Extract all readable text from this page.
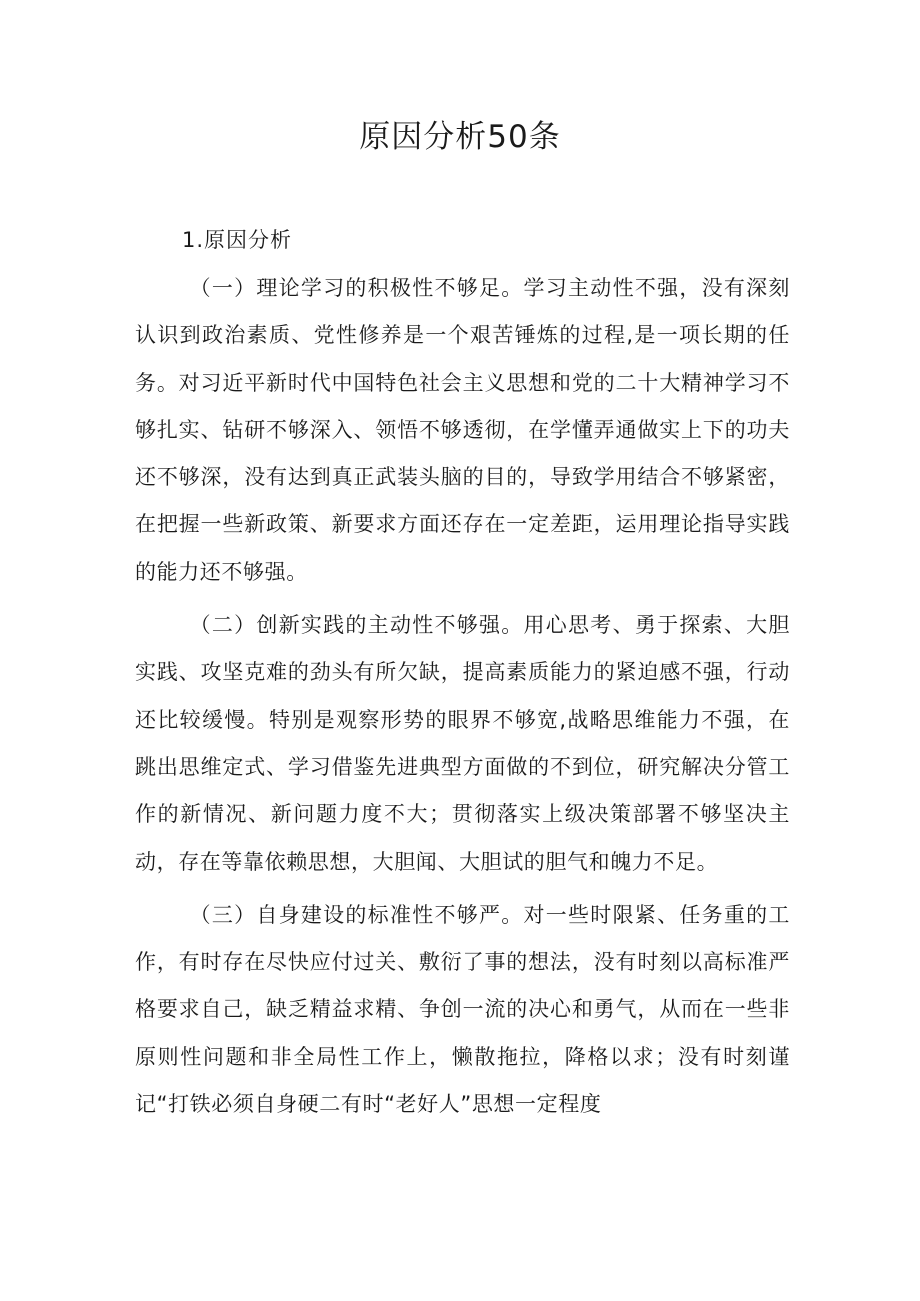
原因分析50条
1.原因分析

（一）理论学习的积极性不够足。学习主动性不强，没有深刻认识到政治素质、党性修养是一个艰苦锤炼的过程,是一项长期的任务。对习近平新时代中国特色社会主义思想和党的二十大精神学习不够扎实、钻研不够深入、领悟不够透彻，在学懂弄通做实上下的功夫还不够深，没有达到真正武装头脑的目的，导致学用结合不够紧密，在把握一些新政策、新要求方面还存在一定差距，运用理论指导实践的能力还不够强。

（二）创新实践的主动性不够强。用心思考、勇于探索、大胆实践、攻坚克难的劲头有所欠缺，提高素质能力的紧迫感不强，行动还比较缓慢。特别是观察形势的眼界不够宽,战略思维能力不强，在跳出思维定式、学习借鉴先进典型方面做的不到位，研究解决分管工作的新情况、新问题力度不大；贯彻落实上级决策部署不够坚决主动，存在等靠依赖思想，大胆闻、大胆试的胆气和魄力不足。

（三）自身建设的标准性不够严。对一些时限紧、任务重的工作，有时存在尽快应付过关、敷衍了事的想法，没有时刻以高标准严格要求自己，缺乏精益求精、争创一流的决心和勇气，从而在一些非原则性问题和非全局性工作上，懒散拖拉，降格以求；没有时刻谨记“打铁必须自身硬二有时“老好人”思想一定程度
